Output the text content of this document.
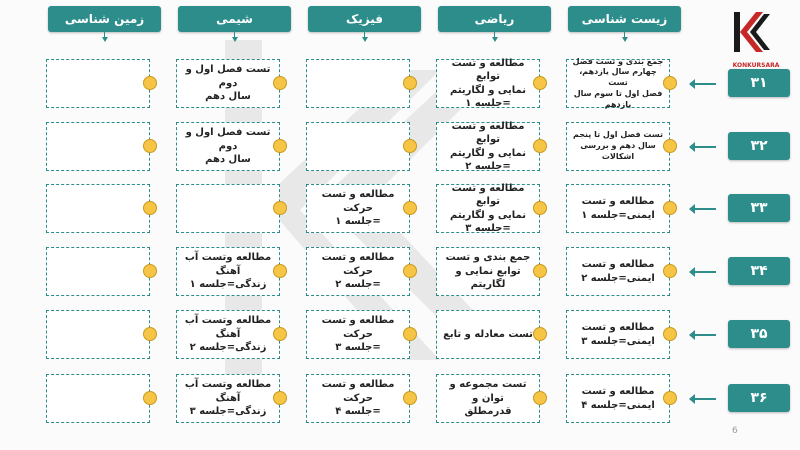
زیست شناسی
ریاضی
فیزیک
شیمی
زمین شناسی
جمع بندی و تست فصل
چهارم سال یازدهم، تست
فصل اول تا سوم سال یازدهم
مطالعه و تست توابع
نمایی و لگاریتم =جلسه ۱
تست فصل اول و دوم
سال دهم
۳۱
تست فصل اول تا پنجم
سال دهم و بررسی
اشکالات
مطالعه و تست توابع
نمایی و لگاریتم =جلسه ۲
تست فصل اول و دوم
سال دهم
۳۲
مطالعه و تست
ایمنی=جلسه ۱
مطالعه و تست توابع
نمایی و لگاریتم =جلسه ۳
مطالعه و تست حرکت
=جلسه ۱
۳۳
مطالعه و تست
ایمنی=جلسه ۲
جمع بندی و تست
توابع نمایی و لگاریتم
مطالعه و تست حرکت
=جلسه ۲
مطالعه وتست آب آهنگ
زندگی=جلسه ۱
۳۴
مطالعه و تست
ایمنی=جلسه ۳
تست معادله و تابع
مطالعه و تست حرکت
=جلسه ۳
مطالعه وتست آب آهنگ
زندگی=جلسه ۲
۳۵
مطالعه و تست
ایمنی=جلسه ۴
تست مجموعه و توان و
قدرمطلق
مطالعه و تست حرکت
=جلسه ۴
مطالعه وتست آب آهنگ
زندگی=جلسه ۳
۳۶
KONKURSARA
6
